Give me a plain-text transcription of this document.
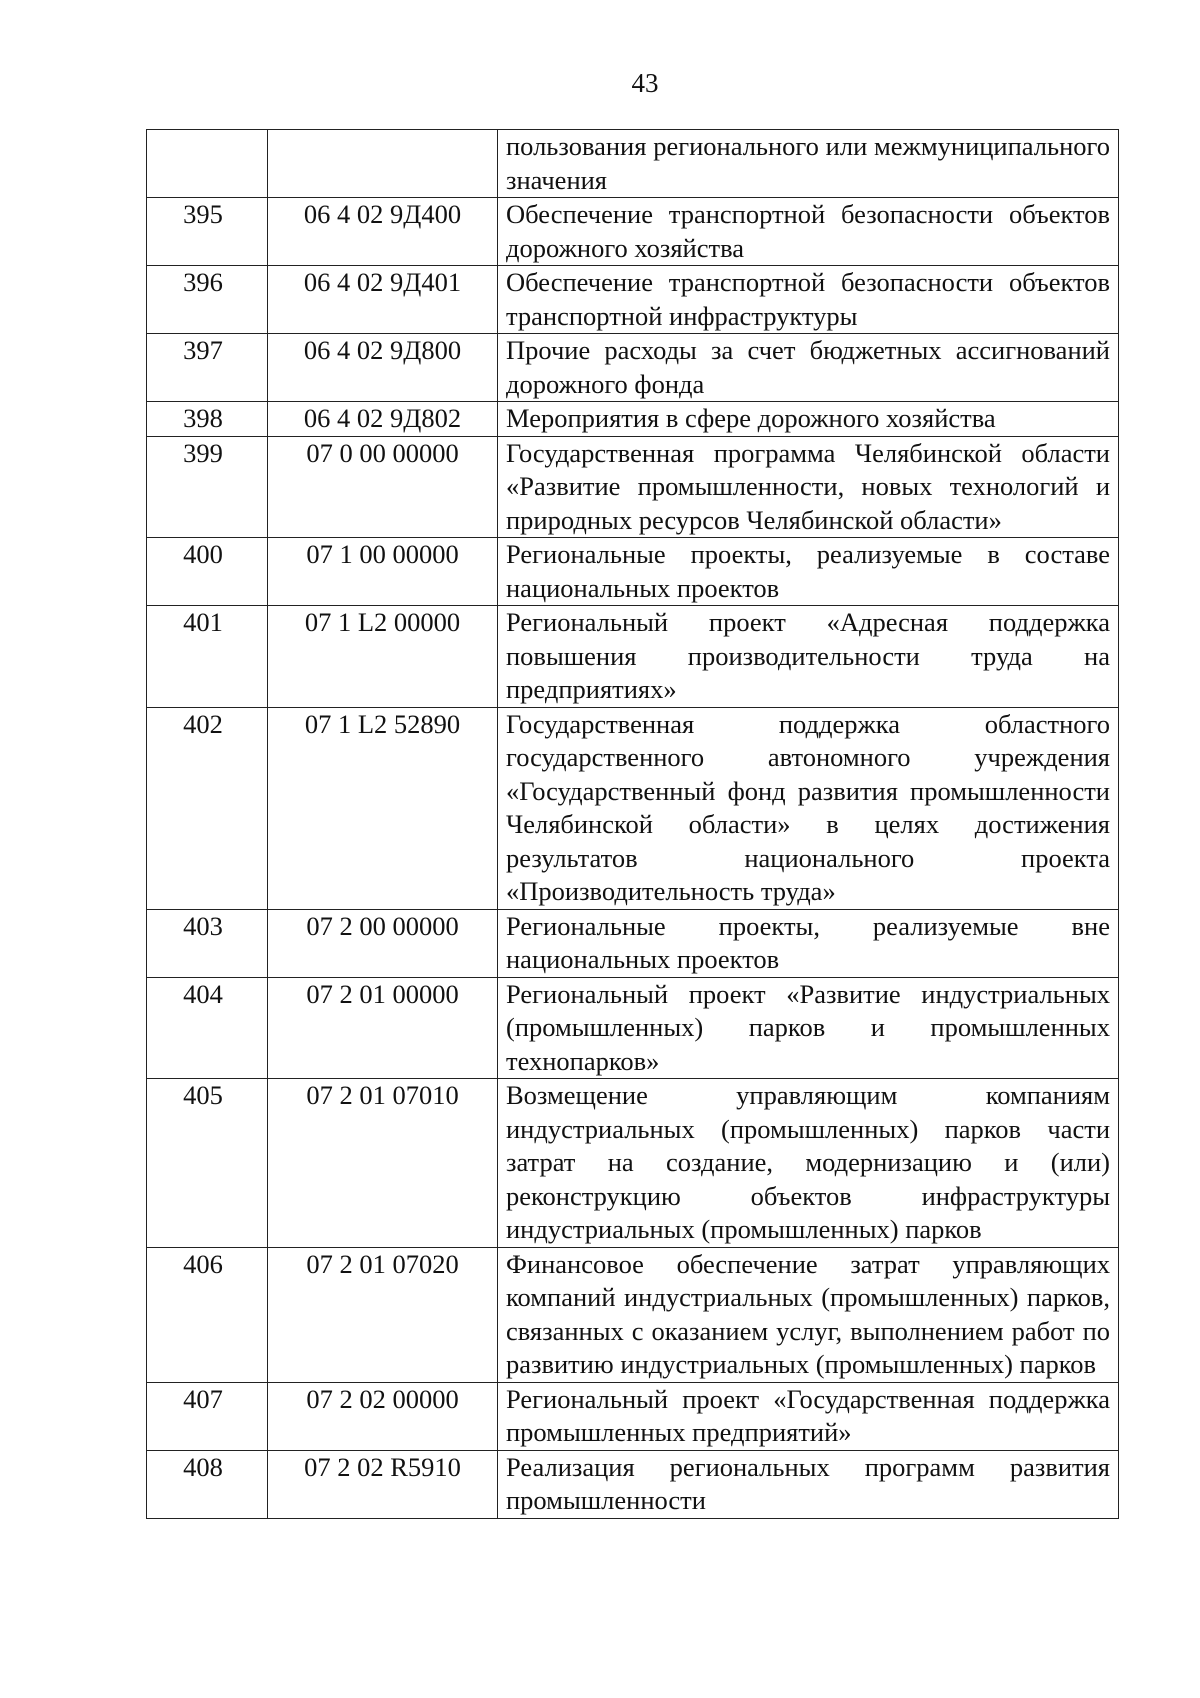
43
		пользования регионального или межмуниципального значения
395	06 4 02 9Д400	Обеспечение транспортной безопасности объектов дорожного хозяйства
396	06 4 02 9Д401	Обеспечение транспортной безопасности объектов транспортной инфраструктуры
397	06 4 02 9Д800	Прочие расходы за счет бюджетных ассигнований дорожного фонда
398	06 4 02 9Д802	Мероприятия в сфере дорожного хозяйства
399	07 0 00 00000	Государственная программа Челябинской области «Развитие промышленности, новых технологий и природных ресурсов Челябинской области»
400	07 1 00 00000	Региональные проекты, реализуемые в составе национальных проектов
401	07 1 L2 00000	Региональный проект «Адресная поддержка повышения производительности труда на предприятиях»
402	07 1 L2 52890	Государственная поддержка областного государственного автономного учреждения «Государственный фонд развития промышленности Челябинской области» в целях достижения результатов национального проекта «Производительность труда»
403	07 2 00 00000	Региональные проекты, реализуемые вне национальных проектов
404	07 2 01 00000	Региональный проект «Развитие индустриальных (промышленных) парков и промышленных технопарков»
405	07 2 01 07010	Возмещение управляющим компаниям индустриальных (промышленных) парков части затрат на создание, модернизацию и (или) реконструкцию объектов инфраструктуры индустриальных (промышленных) парков
406	07 2 01 07020	Финансовое обеспечение затрат управляющих компаний индустриальных (промышленных) парков, связанных с оказанием услуг, выполнением работ по развитию индустриальных (промышленных) парков
407	07 2 02 00000	Региональный проект «Государственная поддержка промышленных предприятий»
408	07 2 02 R5910	Реализация региональных программ развития промышленности
